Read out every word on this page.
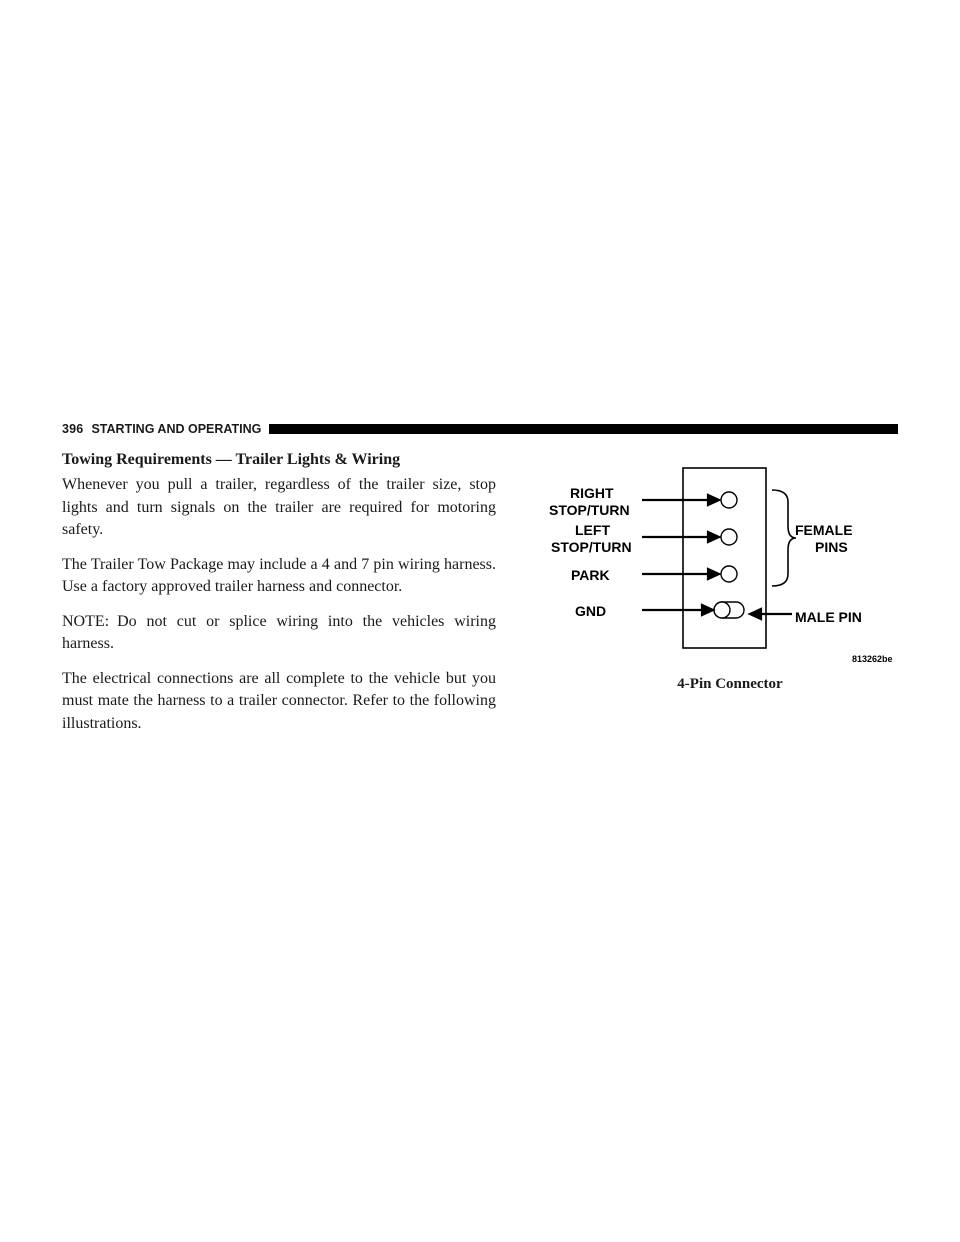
396 STARTING AND OPERATING
Towing Requirements — Trailer Lights & Wiring

Whenever you pull a trailer, regardless of the trailer size, stop lights and turn signals on the trailer are required for motoring safety.

The Trailer Tow Package may include a 4 and 7 pin wiring harness. Use a factory approved trailer harness and connector.

NOTE: Do not cut or splice wiring into the vehicles wiring harness.

The electrical connections are all complete to the vehicle but you must mate the harness to a trailer connector. Refer to the following illustrations.

RIGHT
STOP/TURN
LEFT
STOP/TURN
PARK
GND
FEMALE
PINS
MALE PIN
813262be
4-Pin Connector
